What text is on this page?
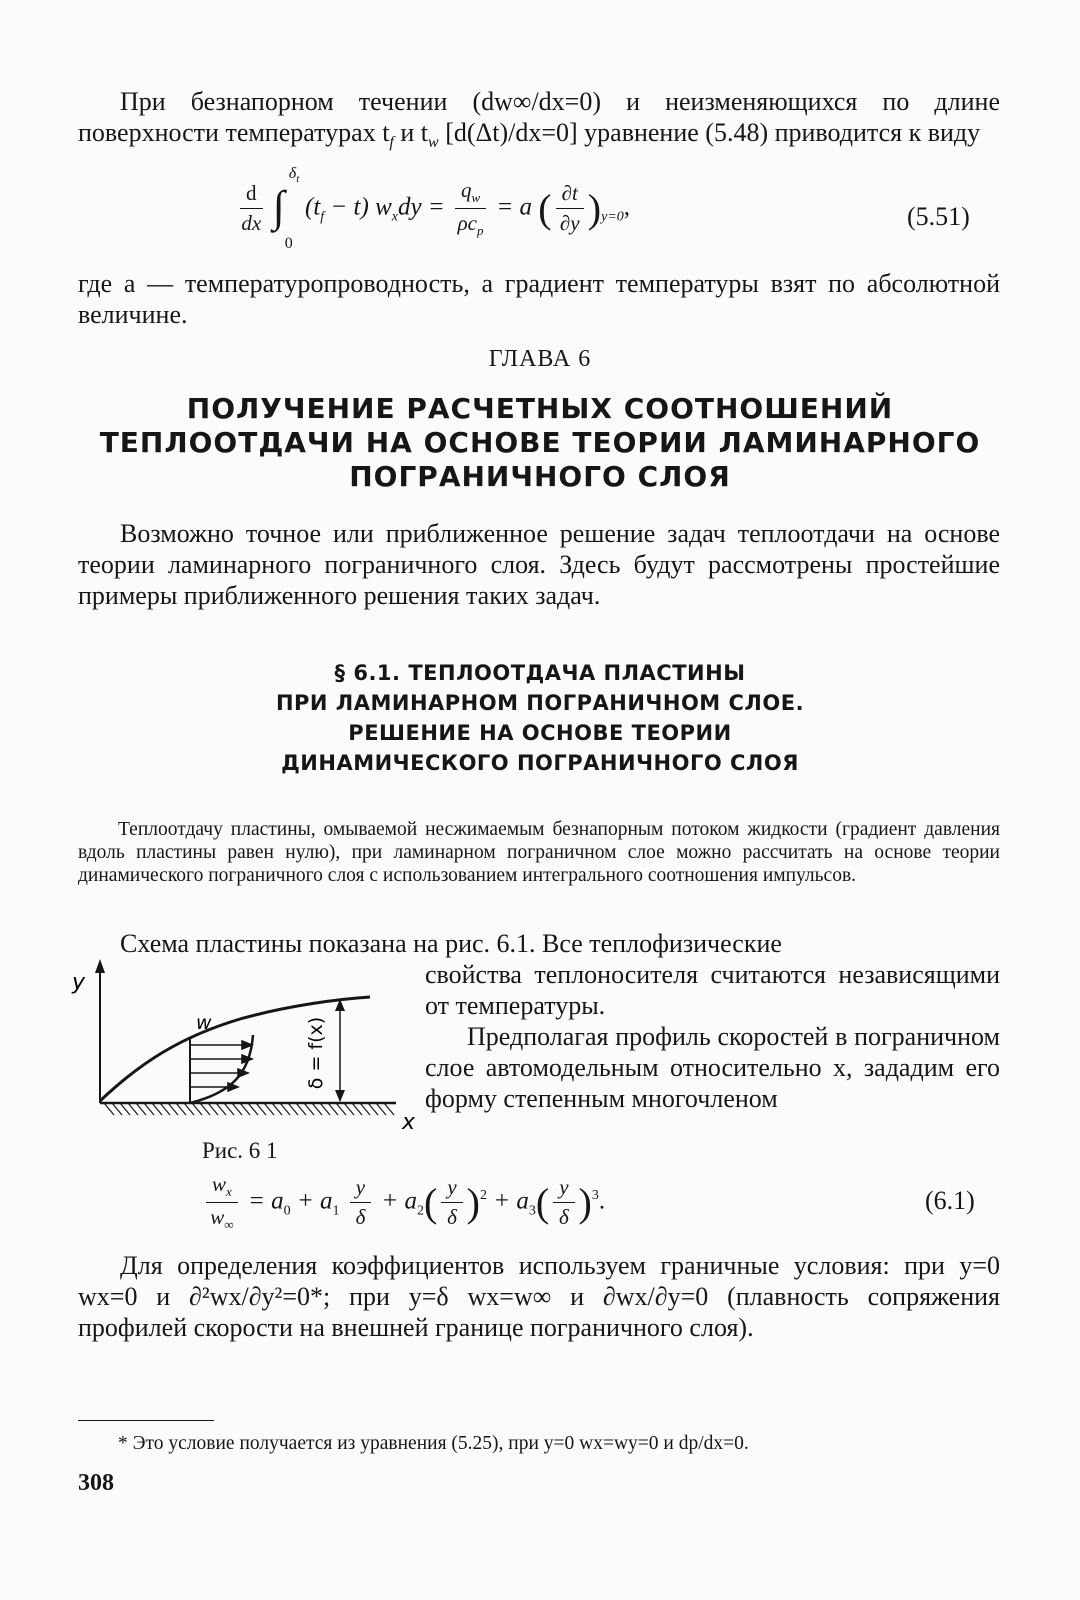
При безнапорном течении (dw∞/dx=0) и неизменяющихся по длине поверхности температурах $t_f$ и $t_w$ [d(Δt)/dx=0] уравнение (5.48) приводится к виду
$\frac{d}{dx}$
∫
$\delta_t$
0
$(t_f - t) w_xdy = \frac{q_w}{\rho c_p} = a$ ( $\frac{\partial t}{\partial y} )_{y=0}$,	(5.51)
где a — температуропроводность, а градиент температуры взят по абсолютной величине.
ГЛАВА 6
ПОЛУЧЕНИЕ РАСЧЕТНЫХ СООТНОШЕНИЙ ТЕПЛООТДАЧИ НА ОСНОВЕ ТЕОРИИ ЛАМИНАРНОГО ПОГРАНИЧНОГО СЛОЯ
Возможно точное или приближенное решение задач теплоотдачи на основе теории ламинарного пограничного слоя. Здесь будут рассмотрены простейшие примеры приближенного решения таких задач.
§ 6.1. ТЕПЛООТДАЧА ПЛАСТИНЫ
ПРИ ЛАМИНАРНОМ ПОГРАНИЧНОМ СЛОЕ.
РЕШЕНИЕ НА ОСНОВЕ ТЕОРИИ
ДИНАМИЧЕСКОГО ПОГРАНИЧНОГО СЛОЯ
Теплоотдачу пластины, омываемой несжимаемым безнапорным потоком жидкости (градиент давления вдоль пластины равен нулю), при ламинарном пограничном слое можно рассчитать на основе теории динамического пограничного слоя с использованием интегрального соотношения импульсов.
Схема пластины показана на рис. 6.1. Все теплофизические
свойства теплоносителя считаются независящими от температуры.
Предполагая профиль скоростей в пограничном слое автомодельным относительно x, зададим его форму степенным многочленом
δ = f(x)
y
x
w
Рис. 6 1
$\frac{w_x}{w_\infty} = a_0 + a_1 \frac{y}{\delta} + a_2( \frac{y}{\delta} )^2 + a_3( \frac{y}{\delta} )^3$.	(6.1)
Для определения коэффициентов используем граничные условия: при y=0 wx=0 и ∂²wx/∂y²=0*; при y=δ wx=w∞ и ∂wx/∂y=0 (плавность сопряжения профилей скорости на внешней границе пограничного слоя).
* Это условие получается из уравнения (5.25), при y=0 wx=wy=0 и dp/dx=0.
308
